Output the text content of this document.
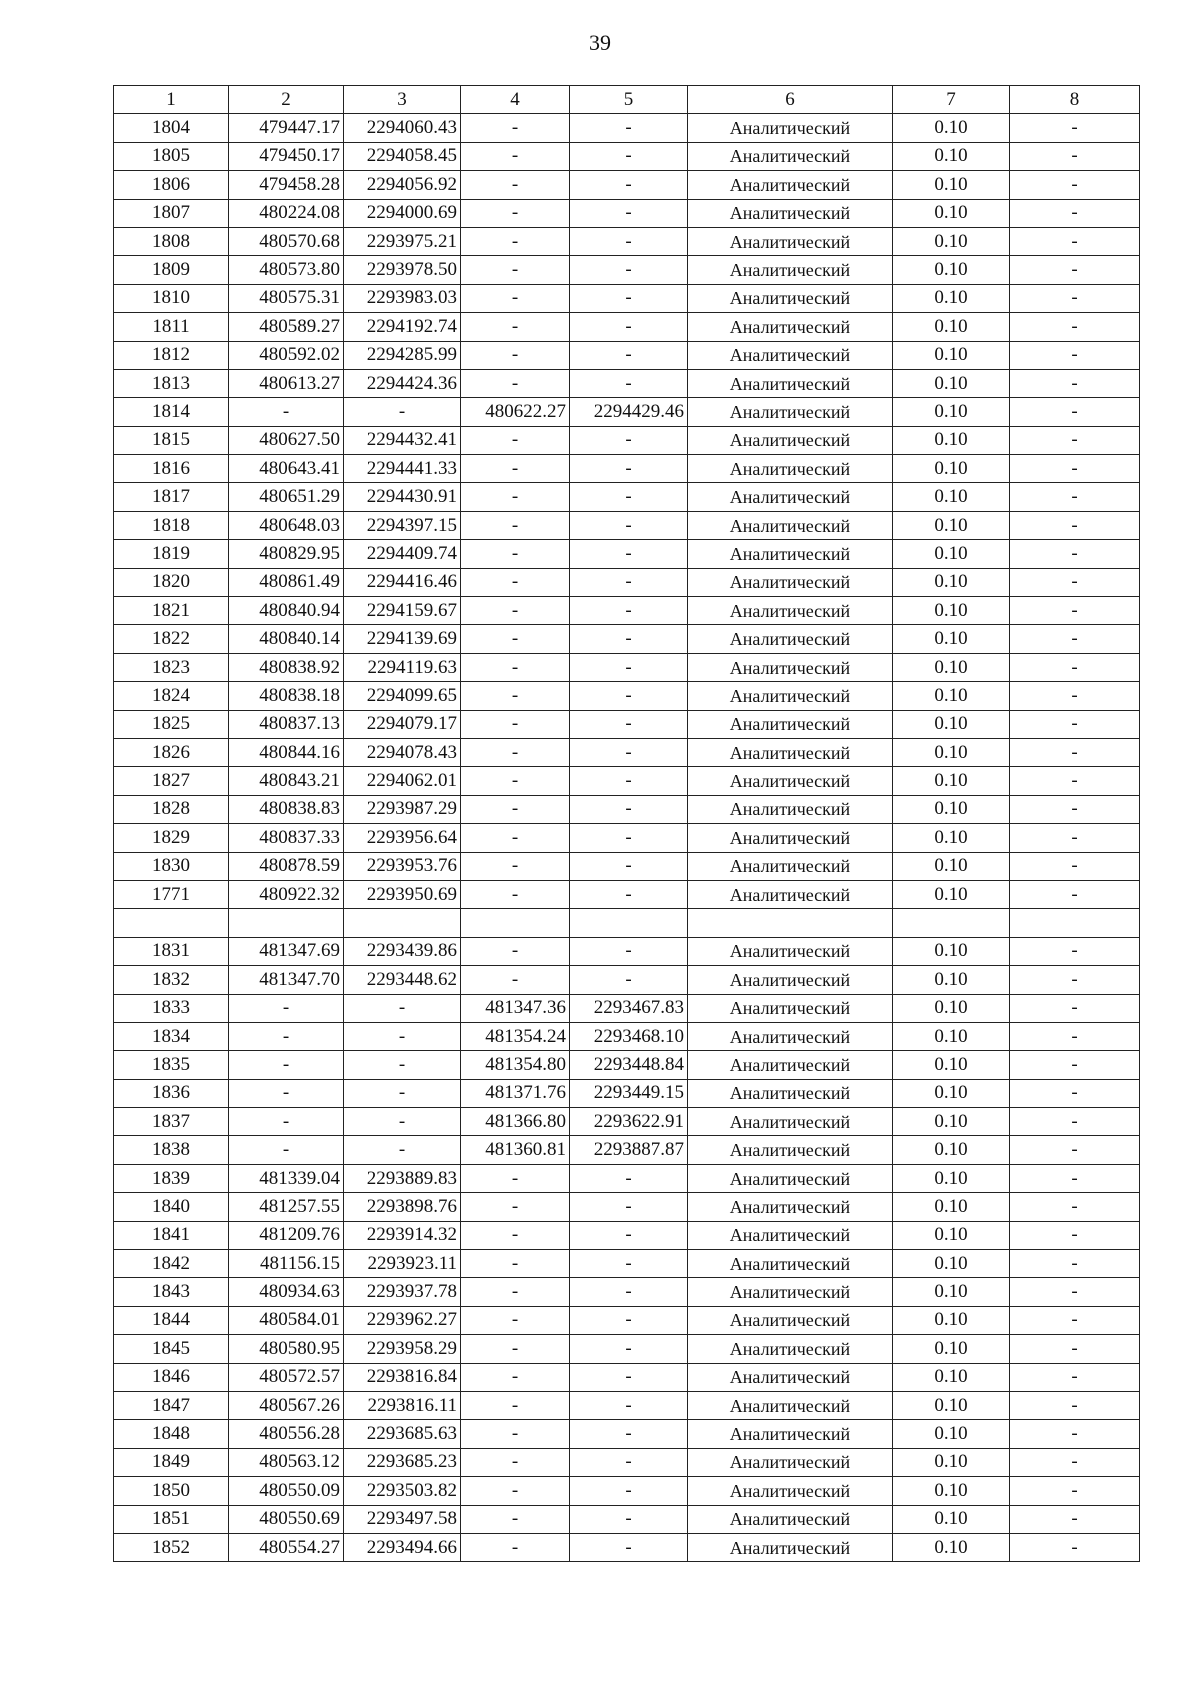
39
1	2	3	4	5	6	7	8
1804	479447.17	2294060.43	-	-	Аналитический	0.10	-
1805	479450.17	2294058.45	-	-	Аналитический	0.10	-
1806	479458.28	2294056.92	-	-	Аналитический	0.10	-
1807	480224.08	2294000.69	-	-	Аналитический	0.10	-
1808	480570.68	2293975.21	-	-	Аналитический	0.10	-
1809	480573.80	2293978.50	-	-	Аналитический	0.10	-
1810	480575.31	2293983.03	-	-	Аналитический	0.10	-
1811	480589.27	2294192.74	-	-	Аналитический	0.10	-
1812	480592.02	2294285.99	-	-	Аналитический	0.10	-
1813	480613.27	2294424.36	-	-	Аналитический	0.10	-
1814	-	-	480622.27	2294429.46	Аналитический	0.10	-
1815	480627.50	2294432.41	-	-	Аналитический	0.10	-
1816	480643.41	2294441.33	-	-	Аналитический	0.10	-
1817	480651.29	2294430.91	-	-	Аналитический	0.10	-
1818	480648.03	2294397.15	-	-	Аналитический	0.10	-
1819	480829.95	2294409.74	-	-	Аналитический	0.10	-
1820	480861.49	2294416.46	-	-	Аналитический	0.10	-
1821	480840.94	2294159.67	-	-	Аналитический	0.10	-
1822	480840.14	2294139.69	-	-	Аналитический	0.10	-
1823	480838.92	2294119.63	-	-	Аналитический	0.10	-
1824	480838.18	2294099.65	-	-	Аналитический	0.10	-
1825	480837.13	2294079.17	-	-	Аналитический	0.10	-
1826	480844.16	2294078.43	-	-	Аналитический	0.10	-
1827	480843.21	2294062.01	-	-	Аналитический	0.10	-
1828	480838.83	2293987.29	-	-	Аналитический	0.10	-
1829	480837.33	2293956.64	-	-	Аналитический	0.10	-
1830	480878.59	2293953.76	-	-	Аналитический	0.10	-
1771	480922.32	2293950.69	-	-	Аналитический	0.10	-

1831	481347.69	2293439.86	-	-	Аналитический	0.10	-
1832	481347.70	2293448.62	-	-	Аналитический	0.10	-
1833	-	-	481347.36	2293467.83	Аналитический	0.10	-
1834	-	-	481354.24	2293468.10	Аналитический	0.10	-
1835	-	-	481354.80	2293448.84	Аналитический	0.10	-
1836	-	-	481371.76	2293449.15	Аналитический	0.10	-
1837	-	-	481366.80	2293622.91	Аналитический	0.10	-
1838	-	-	481360.81	2293887.87	Аналитический	0.10	-
1839	481339.04	2293889.83	-	-	Аналитический	0.10	-
1840	481257.55	2293898.76	-	-	Аналитический	0.10	-
1841	481209.76	2293914.32	-	-	Аналитический	0.10	-
1842	481156.15	2293923.11	-	-	Аналитический	0.10	-
1843	480934.63	2293937.78	-	-	Аналитический	0.10	-
1844	480584.01	2293962.27	-	-	Аналитический	0.10	-
1845	480580.95	2293958.29	-	-	Аналитический	0.10	-
1846	480572.57	2293816.84	-	-	Аналитический	0.10	-
1847	480567.26	2293816.11	-	-	Аналитический	0.10	-
1848	480556.28	2293685.63	-	-	Аналитический	0.10	-
1849	480563.12	2293685.23	-	-	Аналитический	0.10	-
1850	480550.09	2293503.82	-	-	Аналитический	0.10	-
1851	480550.69	2293497.58	-	-	Аналитический	0.10	-
1852	480554.27	2293494.66	-	-	Аналитический	0.10	-
